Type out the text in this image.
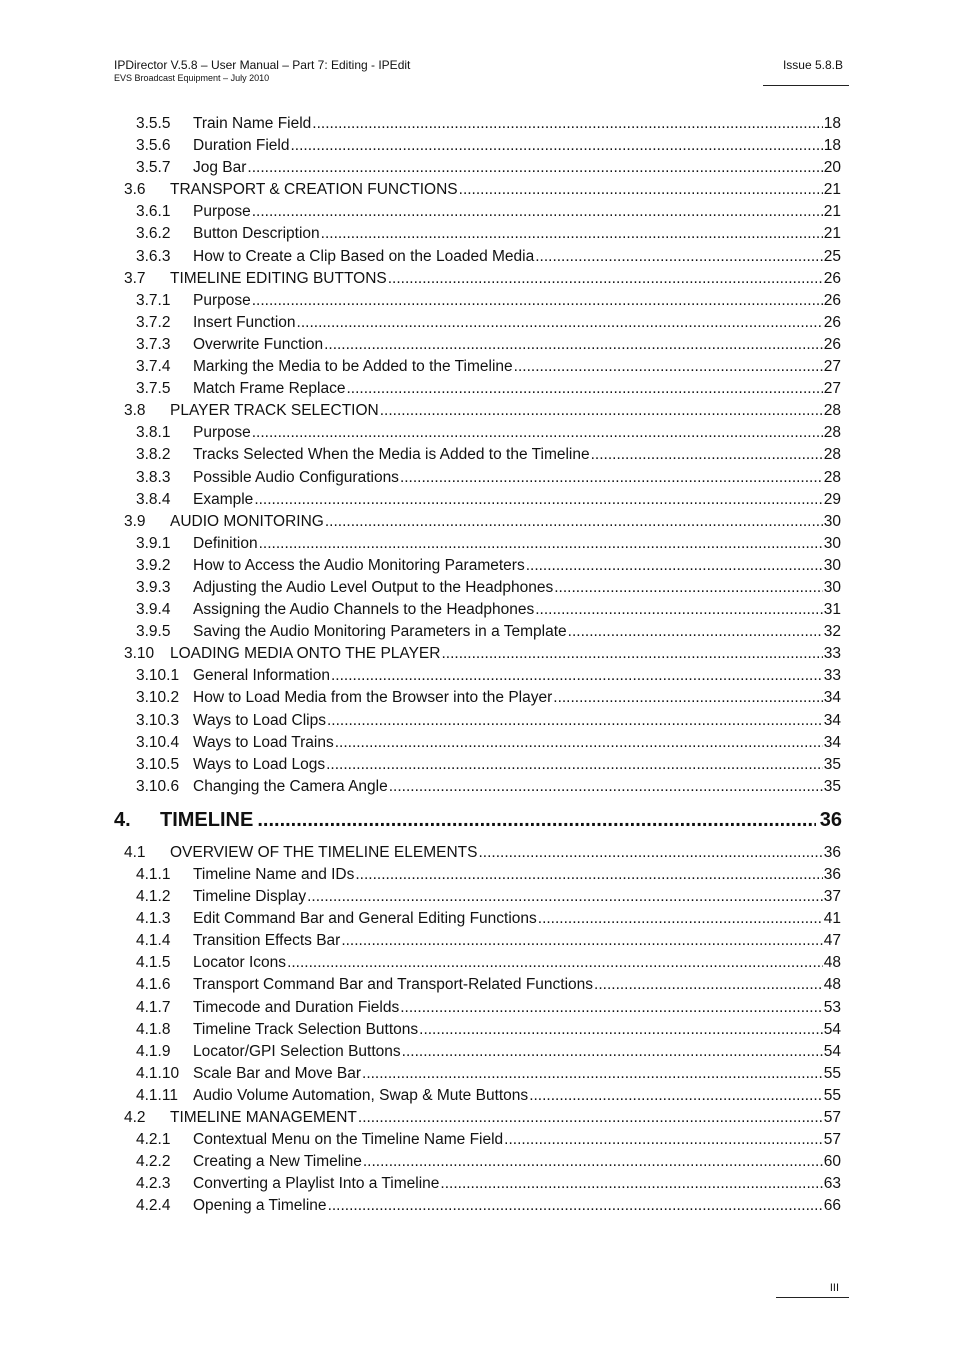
IPDirector V.5.8 – User Manual – Part 7: Editing - IPEdit
EVS Broadcast Equipment – July 2010
Issue 5.8.B
3.5.5	Train Name Field .....	18
3.5.6	Duration Field .....	18
3.5.7	Jog Bar .....	20
3.6	TRANSPORT & CREATION FUNCTIONS .....	21
3.6.1	Purpose .....	21
3.6.2	Button Description .....	21
3.6.3	How to Create a Clip Based on the Loaded Media .....	25
3.7	TIMELINE EDITING BUTTONS .....	26
3.7.1	Purpose .....	26
3.7.2	Insert Function .....	26
3.7.3	Overwrite Function .....	26
3.7.4	Marking the Media to be Added to the Timeline .....	27
3.7.5	Match Frame Replace .....	27
3.8	PLAYER TRACK SELECTION .....	28
3.8.1	Purpose .....	28
3.8.2	Tracks Selected When the Media is Added to the Timeline .....	28
3.8.3	Possible Audio Configurations .....	28
3.8.4	Example .....	29
3.9	AUDIO MONITORING .....	30
3.9.1	Definition .....	30
3.9.2	How to Access the Audio Monitoring Parameters .....	30
3.9.3	Adjusting the Audio Level Output to the Headphones .....	30
3.9.4	Assigning the Audio Channels to the Headphones .....	31
3.9.5	Saving the Audio Monitoring Parameters in a Template .....	32
3.10	LOADING MEDIA ONTO THE PLAYER .....	33
3.10.1 General Information .....	33
3.10.2 How to Load Media from the Browser into the Player .....	34
3.10.3 Ways to Load Clips .....	34
3.10.4 Ways to Load Trains .....	34
3.10.5 Ways to Load Logs .....	35
3.10.6 Changing the Camera Angle .....	35
4.	TIMELINE .....	36
4.1	OVERVIEW OF THE TIMELINE ELEMENTS .....	36
4.1.1	Timeline Name and IDs .....	36
4.1.2	Timeline Display .....	37
4.1.3	Edit Command Bar and General Editing Functions .....	41
4.1.4	Transition Effects Bar .....	47
4.1.5	Locator Icons .....	48
4.1.6	Transport Command Bar and Transport-Related Functions .....	48
4.1.7	Timecode and Duration Fields .....	53
4.1.8	Timeline Track Selection Buttons .....	54
4.1.9	Locator/GPI Selection Buttons .....	54
4.1.10 Scale Bar and Move Bar .....	55
4.1.11 Audio Volume Automation, Swap & Mute Buttons .....	55
4.2	TIMELINE MANAGEMENT .....	57
4.2.1	Contextual Menu on the Timeline Name Field .....	57
4.2.2	Creating a New Timeline .....	60
4.2.3	Converting a Playlist Into a Timeline .....	63
4.2.4	Opening a Timeline .....	66
III
